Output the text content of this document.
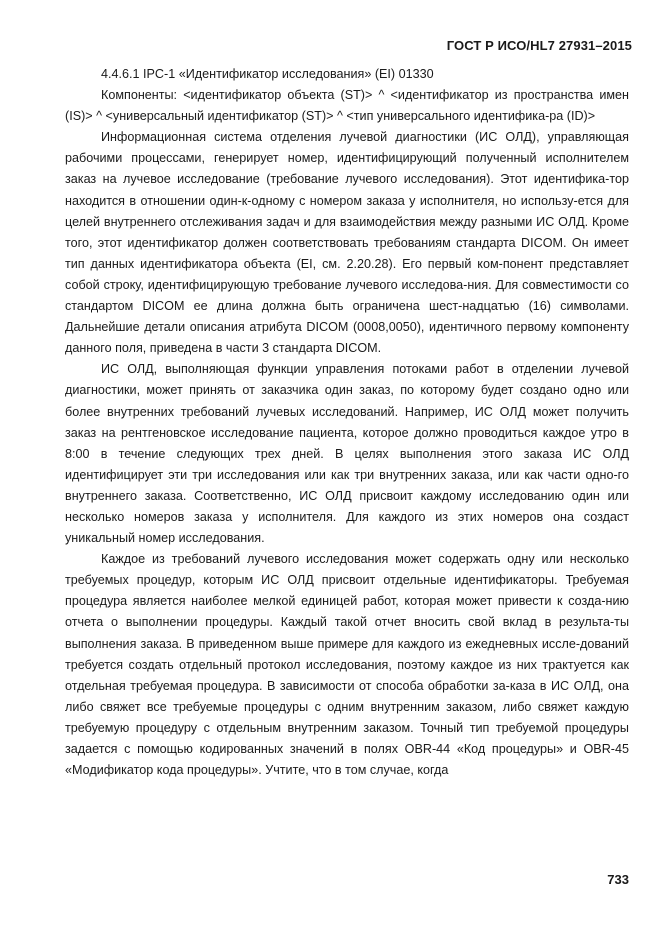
ГОСТ Р ИСО/HL7 27931–2015

4.4.6.1 IPC-1 «Идентификатор исследования» (EI) 01330

Компоненты: <идентификатор объекта (ST)> ^ <идентификатор из пространства имен (IS)> ^ <универсальный идентификатор (ST)> ^ <тип универсального идентифика-ра (ID)>

Информационная система отделения лучевой диагностики (ИС ОЛД), управляющая рабочими процессами, генерирует номер, идентифицирующий полученный исполнителем заказ на лучевое исследование (требование лучевого исследования). Этот идентифика-тор находится в отношении один-к-одному с номером заказа у исполнителя, но использу-ется для целей внутреннего отслеживания задач и для взаимодействия между разными ИС ОЛД. Кроме того, этот идентификатор должен соответствовать требованиям стандарта DICOM. Он имеет тип данных идентификатора объекта (EI, см. 2.20.28). Его первый ком-понент представляет собой строку, идентифицирующую требование лучевого исследова-ния. Для совместимости со стандартом DICOM ее длина должна быть ограничена шест-надцатью (16) символами. Дальнейшие детали описания атрибута DICOM (0008,0050), идентичного первому компоненту данного поля, приведена в части 3 стандарта DICOM.

ИС ОЛД, выполняющая функции управления потоками работ в отделении лучевой диагностики, может принять от заказчика один заказ, по которому будет создано одно или более внутренних требований лучевых исследований. Например, ИС ОЛД может получить заказ на рентгеновское исследование пациента, которое должно проводиться каждое утро в 8:00 в течение следующих трех дней. В целях выполнения этого заказа ИС ОЛД идентифицирует эти три исследования или как три внутренних заказа, или как части одно-го внутреннего заказа. Соответственно, ИС ОЛД присвоит каждому исследованию один или несколько номеров заказа у исполнителя. Для каждого из этих номеров она создаст уникальный номер исследования.

Каждое из требований лучевого исследования может содержать одну или несколько требуемых процедур, которым ИС ОЛД присвоит отдельные идентификаторы. Требуемая процедура является наиболее мелкой единицей работ, которая может привести к созда-нию отчета о выполнении процедуры. Каждый такой отчет вносить свой вклад в результа-ты выполнения заказа. В приведенном выше примере для каждого из ежедневных иссле-дований требуется создать отдельный протокол исследования, поэтому каждое из них трактуется как отдельная требуемая процедура. В зависимости от способа обработки за-каза в ИС ОЛД, она либо свяжет все требуемые процедуры с одним внутренним заказом, либо свяжет каждую требуемую процедуру с отдельным внутренним заказом. Точный тип требуемой процедуры задается с помощью кодированных значений в полях OBR-44 «Код процедуры» и OBR-45 «Модификатор кода процедуры». Учтите, что в том случае, когда

733
